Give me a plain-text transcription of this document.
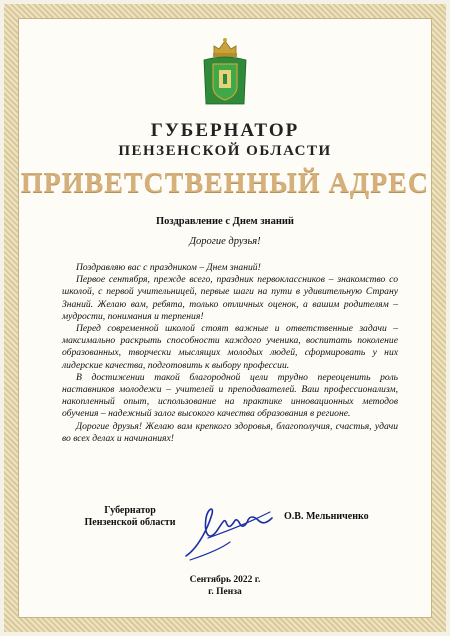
ГУБЕРНАТОР
ПЕНЗЕНСКОЙ ОБЛАСТИ
ПРИВЕТСТВЕННЫЙ АДРЕС
Поздравление с Днем знаний
Дорогие друзья!

Поздравляю вас с праздником – Днем знаний!

Первое сентября, прежде всего, праздник первоклассников – знакомство со школой, с первой учительницей, первые шаги на пути в удивительную Страну Знаний. Желаю вам, ребята, только отличных оценок, а вашим родителям – мудрости, понимания и терпения!

Перед современной школой стоят важные и ответственные задачи – максимально раскрыть способности каждого ученика, воспитать поколение образованных, творчески мыслящих молодых людей, сформировать у них лидерские качества, подготовить к выбору профессии.

В достижении такой благородной цели трудно переоценить роль наставников молодежи – учителей и преподавателей. Ваш профессионализм, накопленный опыт, использование на практике инновационных методов обучения – надежный залог высокого качества образования в регионе.

Дорогие друзья! Желаю вам крепкого здоровья, благополучия, счастья, удачи во всех делах и начинаниях!

Губернатор
Пензенской области
О.В. Мельниченко
Сентябрь 2022 г.
г. Пенза
